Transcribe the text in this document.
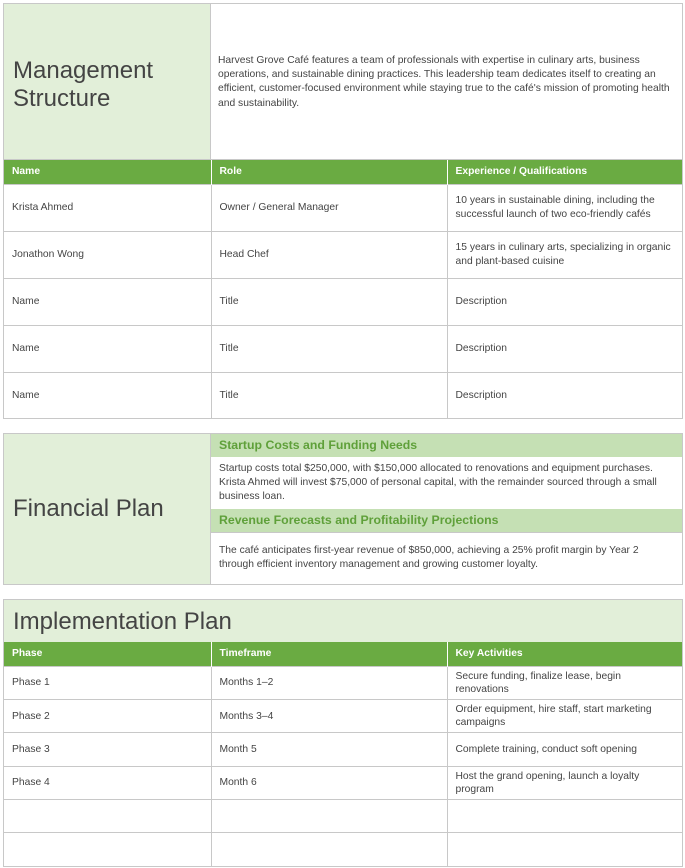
Management
Structure
Harvest Grove Café features a team of professionals with expertise in culinary arts, business operations, and sustainable dining practices. This leadership team dedicates itself to creating an efficient, customer-focused environment while staying true to the café's mission of promoting health and sustainability.
Name	Role	Experience / Qualifications
Krista Ahmed	Owner / General Manager	10 years in sustainable dining, including the successful launch of two eco-friendly cafés
Jonathon Wong	Head Chef	15 years in culinary arts, specializing in organic and plant-based cuisine
Name	Title	Description
Name	Title	Description
Name	Title	Description
Financial Plan
Startup Costs and Funding Needs
Startup costs total $250,000, with $150,000 allocated to renovations and equipment purchases. Krista Ahmed will invest $75,000 of personal capital, with the remainder sourced through a small business loan.
Revenue Forecasts and Profitability Projections
The café anticipates first-year revenue of $850,000, achieving a 25% profit margin by Year 2 through efficient inventory management and growing customer loyalty.
Implementation Plan
Phase	Timeframe	Key Activities
Phase 1	Months 1–2	Secure funding, finalize lease, begin renovations
Phase 2	Months 3–4	Order equipment, hire staff, start marketing campaigns
Phase 3	Month 5	Complete training, conduct soft opening
Phase 4	Month 6	Host the grand opening, launch a loyalty program
